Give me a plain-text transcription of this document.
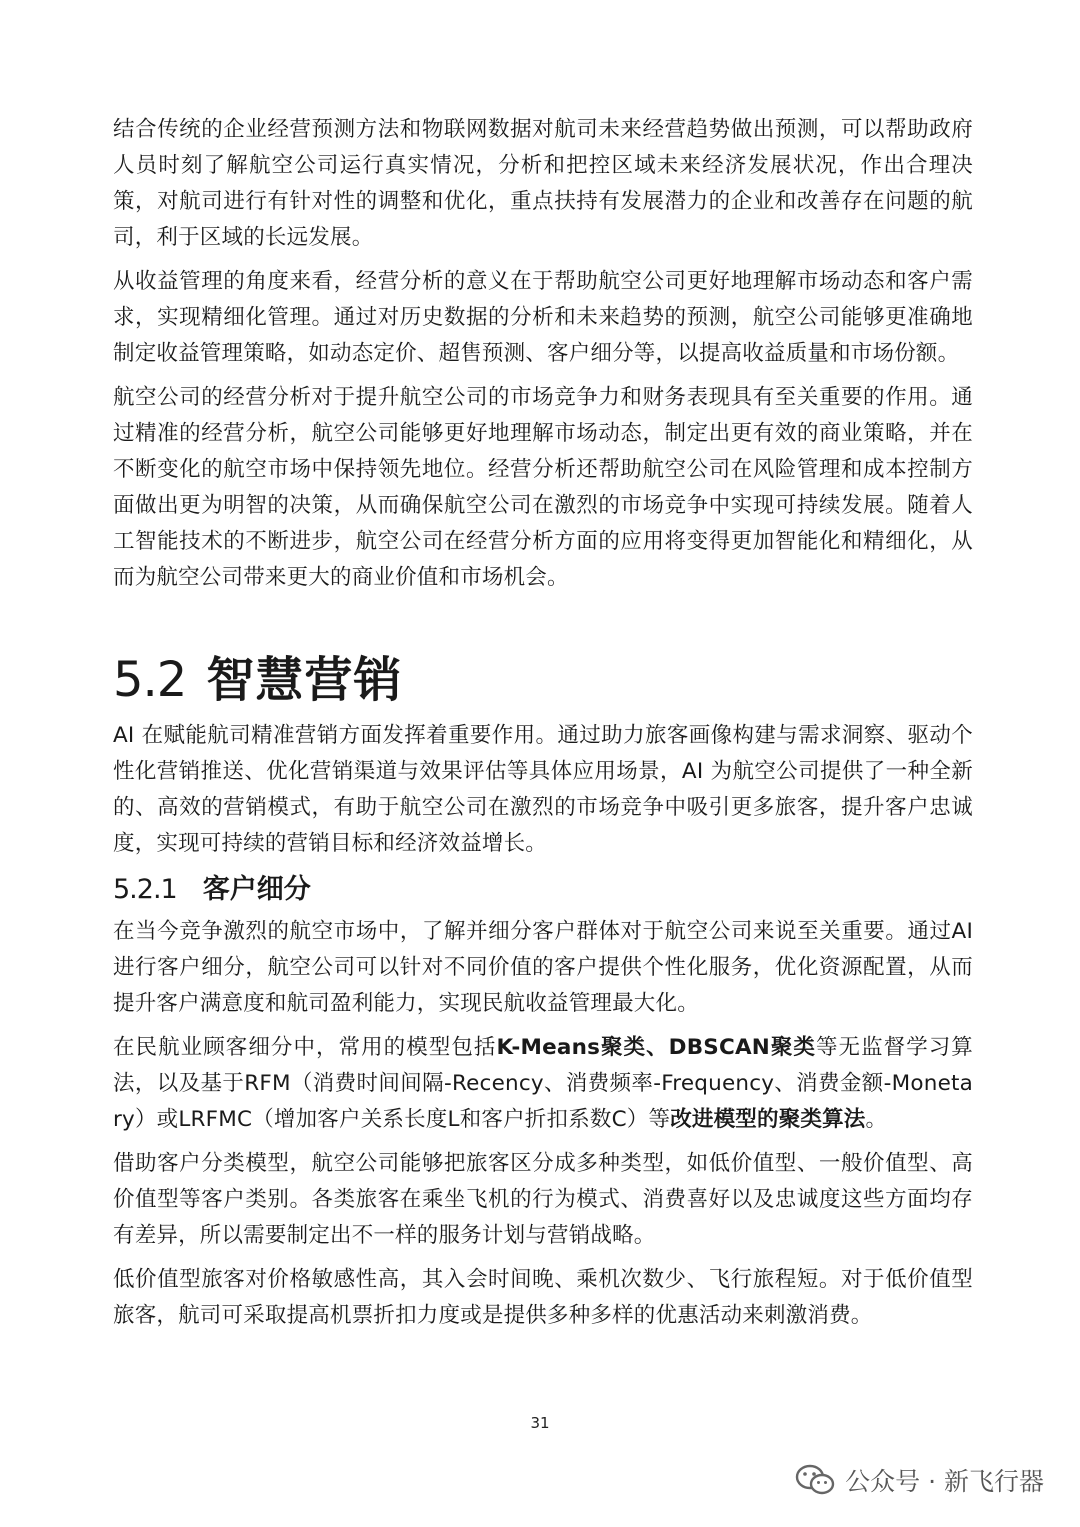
结合传统的企业经营预测方法和物联网数据对航司未来经营趋势做出预测，可以帮助政府人员时刻了解航空公司运行真实情况，分析和把控区域未来经济发展状况，作出合理决策，对航司进行有针对性的调整和优化，重点扶持有发展潜力的企业和改善存在问题的航司，利于区域的长远发展。

从收益管理的角度来看，经营分析的意义在于帮助航空公司更好地理解市场动态和客户需求，实现精细化管理。通过对历史数据的分析和未来趋势的预测，航空公司能够更准确地制定收益管理策略，如动态定价、超售预测、客户细分等，以提高收益质量和市场份额。

航空公司的经营分析对于提升航空公司的市场竞争力和财务表现具有至关重要的作用。通过精准的经营分析，航空公司能够更好地理解市场动态，制定出更有效的商业策略，并在不断变化的航空市场中保持领先地位。经营分析还帮助航空公司在风险管理和成本控制方面做出更为明智的决策，从而确保航空公司在激烈的市场竞争中实现可持续发展。随着人工智能技术的不断进步，航空公司在经营分析方面的应用将变得更加智能化和精细化，从而为航空公司带来更大的商业价值和市场机会。

5.2 智慧营销

AI 在赋能航司精准营销方面发挥着重要作用。通过助力旅客画像构建与需求洞察、驱动个性化营销推送、优化营销渠道与效果评估等具体应用场景，AI 为航空公司提供了一种全新的、高效的营销模式，有助于航空公司在激烈的市场竞争中吸引更多旅客，提升客户忠诚度，实现可持续的营销目标和经济效益增长。

5.2.1 客户细分

在当今竞争激烈的航空市场中，了解并细分客户群体对于航空公司来说至关重要。通过AI进行客户细分，航空公司可以针对不同价值的客户提供个性化服务，优化资源配置，从而提升客户满意度和航司盈利能力，实现民航收益管理最大化。

在民航业顾客细分中，常用的模型包括K-Means聚类、DBSCAN聚类等无监督学习算法，以及基于RFM（消费时间间隔-Recency、消费频率-Frequency、消费金额-Monetary）或LRFMC（增加客户关系长度L和客户折扣系数C）等改进模型的聚类算法。

借助客户分类模型，航空公司能够把旅客区分成多种类型，如低价值型、一般价值型、高价值型等客户类别。各类旅客在乘坐飞机的行为模式、消费喜好以及忠诚度这些方面均存有差异，所以需要制定出不一样的服务计划与营销战略。

低价值型旅客对价格敏感性高，其入会时间晚、乘机次数少、飞行旅程短。对于低价值型旅客，航司可采取提高机票折扣力度或是提供多种多样的优惠活动来刺激消费。

31
公众号 · 新飞行器
